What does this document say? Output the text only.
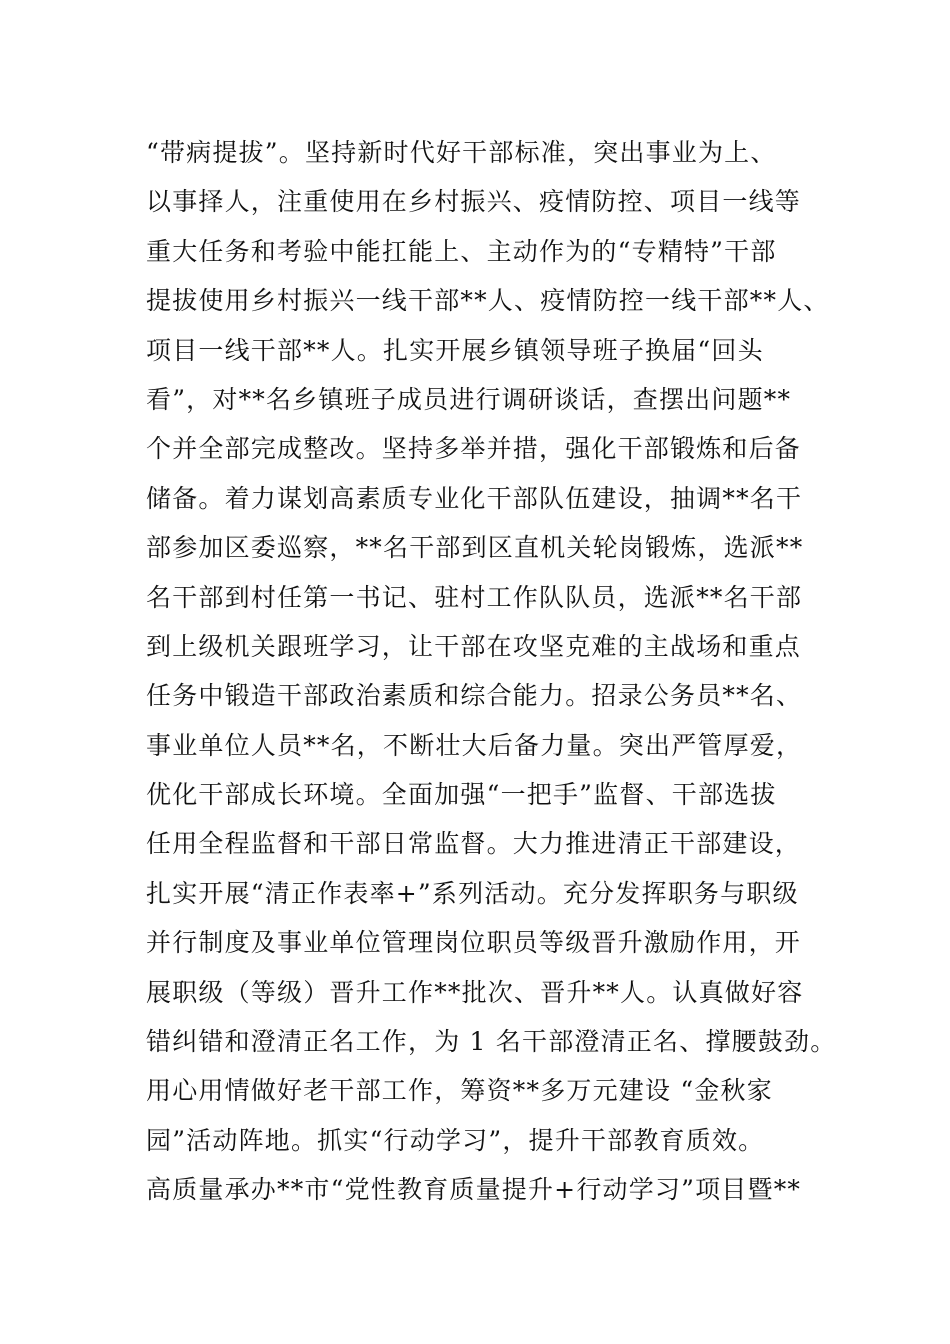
“带病提拔”。坚持新时代好干部标准，突出事业为上、
以事择人，注重使用在乡村振兴、疫情防控、项目一线等
重大任务和考验中能扛能上、主动作为的“专精特”干部
提拔使用乡村振兴一线干部**人、疫情防控一线干部**人、
项目一线干部**人。扎实开展乡镇领导班子换届“回头
看”，对**名乡镇班子成员进行调研谈话，查摆出问题**
个并全部完成整改。坚持多举并措，强化干部锻炼和后备
储备。着力谋划高素质专业化干部队伍建设，抽调**名干
部参加区委巡察，**名干部到区直机关轮岗锻炼，选派**
名干部到村任第一书记、驻村工作队队员，选派**名干部
到上级机关跟班学习，让干部在攻坚克难的主战场和重点
任务中锻造干部政治素质和综合能力。招录公务员**名、
事业单位人员**名，不断壮大后备力量。突出严管厚爱，
优化干部成长环境。全面加强“一把手”监督、干部选拔
任用全程监督和干部日常监督。大力推进清正干部建设，
扎实开展“清正作表率+”系列活动。充分发挥职务与职级
并行制度及事业单位管理岗位职员等级晋升激励作用，开
展职级（等级）晋升工作**批次、晋升**人。认真做好容
错纠错和澄清正名工作，为 1 名干部澄清正名、撑腰鼓劲。
用心用情做好老干部工作，筹资**多万元建设 “金秋家
园”活动阵地。抓实“行动学习”，提升干部教育质效。
高质量承办**市“党性教育质量提升+行动学习”项目暨**
